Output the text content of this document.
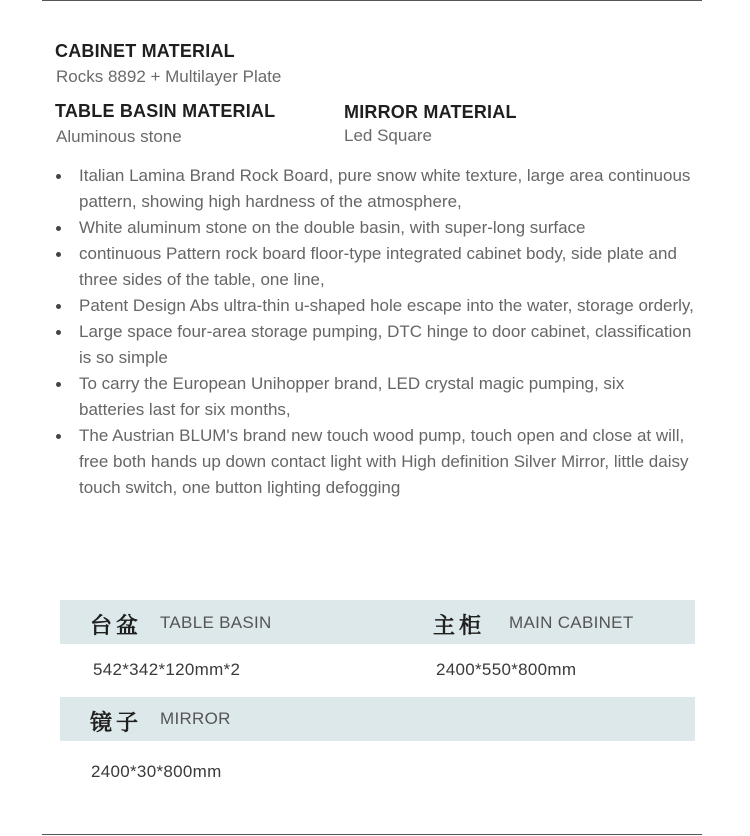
CABINET MATERIAL
Rocks 8892 + Multilayer Plate
TABLE BASIN MATERIAL
Aluminous stone
MIRROR MATERIAL
Led Square
Italian Lamina Brand Rock Board, pure snow white texture, large area continuous pattern, showing high hardness of the atmosphere,
White aluminum stone on the double basin, with super-long surface
continuous Pattern rock board floor-type integrated cabinet body, side plate and three sides of the table, one line,
Patent Design Abs ultra-thin u-shaped hole escape into the water, storage orderly,
Large space four-area storage pumping, DTC hinge to door cabinet, classification is so simple
To carry the European Unihopper brand, LED crystal magic pumping, six batteries last for six months,
The Austrian BLUM's brand new touch wood pump, touch open and close at will, free both hands up down contact light with High definition Silver Mirror, little daisy touch switch, one button lighting defogging
台盆 TABLE BASIN	主柜 MAIN CABINET
542*342*120mm*2	2400*550*800mm
镜子 MIRROR
2400*30*800mm
